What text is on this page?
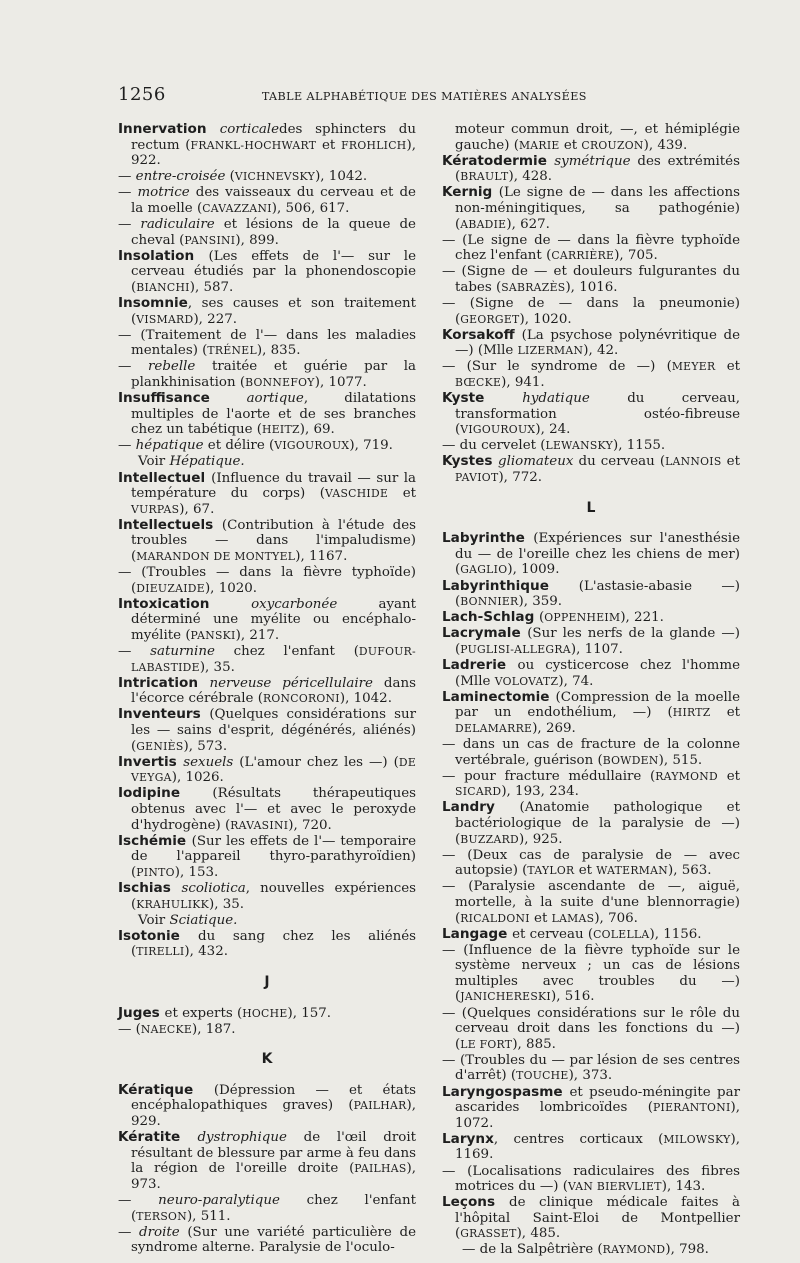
1256	TABLE ALPHABÉTIQUE DES MATIÈRES ANALYSÉES

Innervation corticaledes sphincters du rectum (FRANKL-HOCHWART et FROHLICH), 922.

— entre-croisée (VICHNEVSKY), 1042.

— motrice des vaisseaux du cerveau et de la moelle (CAVAZZANI), 506, 617.

— radiculaire et lésions de la queue de cheval (PANSINI), 899.

Insolation (Les effets de l'— sur le cerveau étudiés par la phonendoscopie (BIANCHI), 587.

Insomnie, ses causes et son traitement (VISMARD), 227.

— (Traitement de l'— dans les maladies mentales) (TRÉNEL), 835.

— rebelle traitée et guérie par la plankhinisation (BONNEFOY), 1077.

Insuffisance aortique, dilatations multiples de l'aorte et de ses branches chez un tabétique (HEITZ), 69.

— hépatique et délire (VIGOUROUX), 719.

Voir Hépatique.

Intellectuel (Influence du travail — sur la température du corps) (VASCHIDE et VURPAS), 67.

Intellectuels (Contribution à l'étude des troubles — dans l'impaludisme) (MARANDON DE MONTYEL), 1167.

— (Troubles — dans la fièvre typhoïde) (DIEUZAIDE), 1020.

Intoxication oxycarbonée ayant déterminé une myélite ou encéphalo-myélite (PANSKI), 217.

— saturnine chez l'enfant (DUFOUR-LABASTIDE), 35.

Intrication nerveuse péricellulaire dans l'écorce cérébrale (RONCORONI), 1042.

Inventeurs (Quelques considérations sur les — sains d'esprit, dégénérés, aliénés) (GENIÈS), 573.

Invertis sexuels (L'amour chez les —) (DE VEYGA), 1026.

Iodipine (Résultats thérapeutiques obtenus avec l'— et avec le peroxyde d'hydrogène) (RAVASINI), 720.

Ischémie (Sur les effets de l'— temporaire de l'appareil thyro-parathyroïdien) (PINTO), 153.

Ischias scoliotica, nouvelles expériences (KRAHULIKK), 35.

Voir Sciatique.

Isotonie du sang chez les aliénés (TIRELLI), 432.

J

Juges et experts (HOCHE), 157.

— (NAECKE), 187.

K

Kératique (Dépression — et états encéphalopathiques graves) (PAILHAR), 929.

Kératite dystrophique de l'œil droit résultant de blessure par arme à feu dans la région de l'oreille droite (PAILHAS), 973.

— neuro-paralytique chez l'enfant (TERSON), 511.

— droite (Sur une variété particulière de syndrome alterne. Paralysie de l'oculo-

moteur commun droit, —, et hémiplégie gauche) (MARIE et CROUZON), 439.

Kératodermie symétrique des extrémités (BRAULT), 428.

Kernig (Le signe de — dans les affections non-méningitiques, sa pathogénie) (ABADIE), 627.

— (Le signe de — dans la fièvre typhoïde chez l'enfant (CARRIÈRE), 705.

— (Signe de — et douleurs fulgurantes du tabes (SABRAZÈS), 1016.

— (Signe de — dans la pneumonie) (GEORGET), 1020.

Korsakoff (La psychose polynévritique de —) (Mlle LIZERMAN), 42.

— (Sur le syndrome de —) (MEYER et BŒCKE), 941.

Kyste hydatique du cerveau, transformation ostéo-fibreuse (VIGOUROUX), 24.

— du cervelet (LEWANSKY), 1155.

Kystes gliomateux du cerveau (LANNOIS et PAVIOT), 772.

L

Labyrinthe (Expériences sur l'anesthésie du — de l'oreille chez les chiens de mer) (GAGLIO), 1009.

Labyrinthique (L'astasie-abasie —) (BONNIER), 359.

Lach-Schlag (OPPENHEIM), 221.

Lacrymale (Sur les nerfs de la glande —) (PUGLISI-ALLEGRA), 1107.

Ladrerie ou cysticercose chez l'homme (Mlle VOLOVATZ), 74.

Laminectomie (Compression de la moelle par un endothélium, —) (HIRTZ et DELAMARRE), 269.

— dans un cas de fracture de la colonne vertébrale, guérison (BOWDEN), 515.

— pour fracture médullaire (RAYMOND et SICARD), 193, 234.

Landry (Anatomie pathologique et bactériologique de la paralysie de —) (BUZZARD), 925.

— (Deux cas de paralysie de — avec autopsie) (TAYLOR et WATERMAN), 563.

— (Paralysie ascendante de —, aiguë, mortelle, à la suite d'une blennorragie) (RICALDONI et LAMAS), 706.

Langage et cerveau (COLELLA), 1156.

— (Influence de la fièvre typhoïde sur le système nerveux ; un cas de lésions multiples avec troubles du —) (JANICHERESKI), 516.

— (Quelques considérations sur le rôle du cerveau droit dans les fonctions du —) (LE FORT), 885.

— (Troubles du — par lésion de ses centres d'arrêt) (TOUCHE), 373.

Laryngospasme et pseudo-méningite par ascarides lombricoïdes (PIERANTONI), 1072.

Larynx, centres corticaux (MILOWSKY), 1169.

— (Localisations radiculaires des fibres motrices du —) (VAN BIERVLIET), 143.

Leçons de clinique médicale faites à l'hôpital Saint-Eloi de Montpellier (GRASSET), 485.

— de la Salpêtrière (RAYMOND), 798.
